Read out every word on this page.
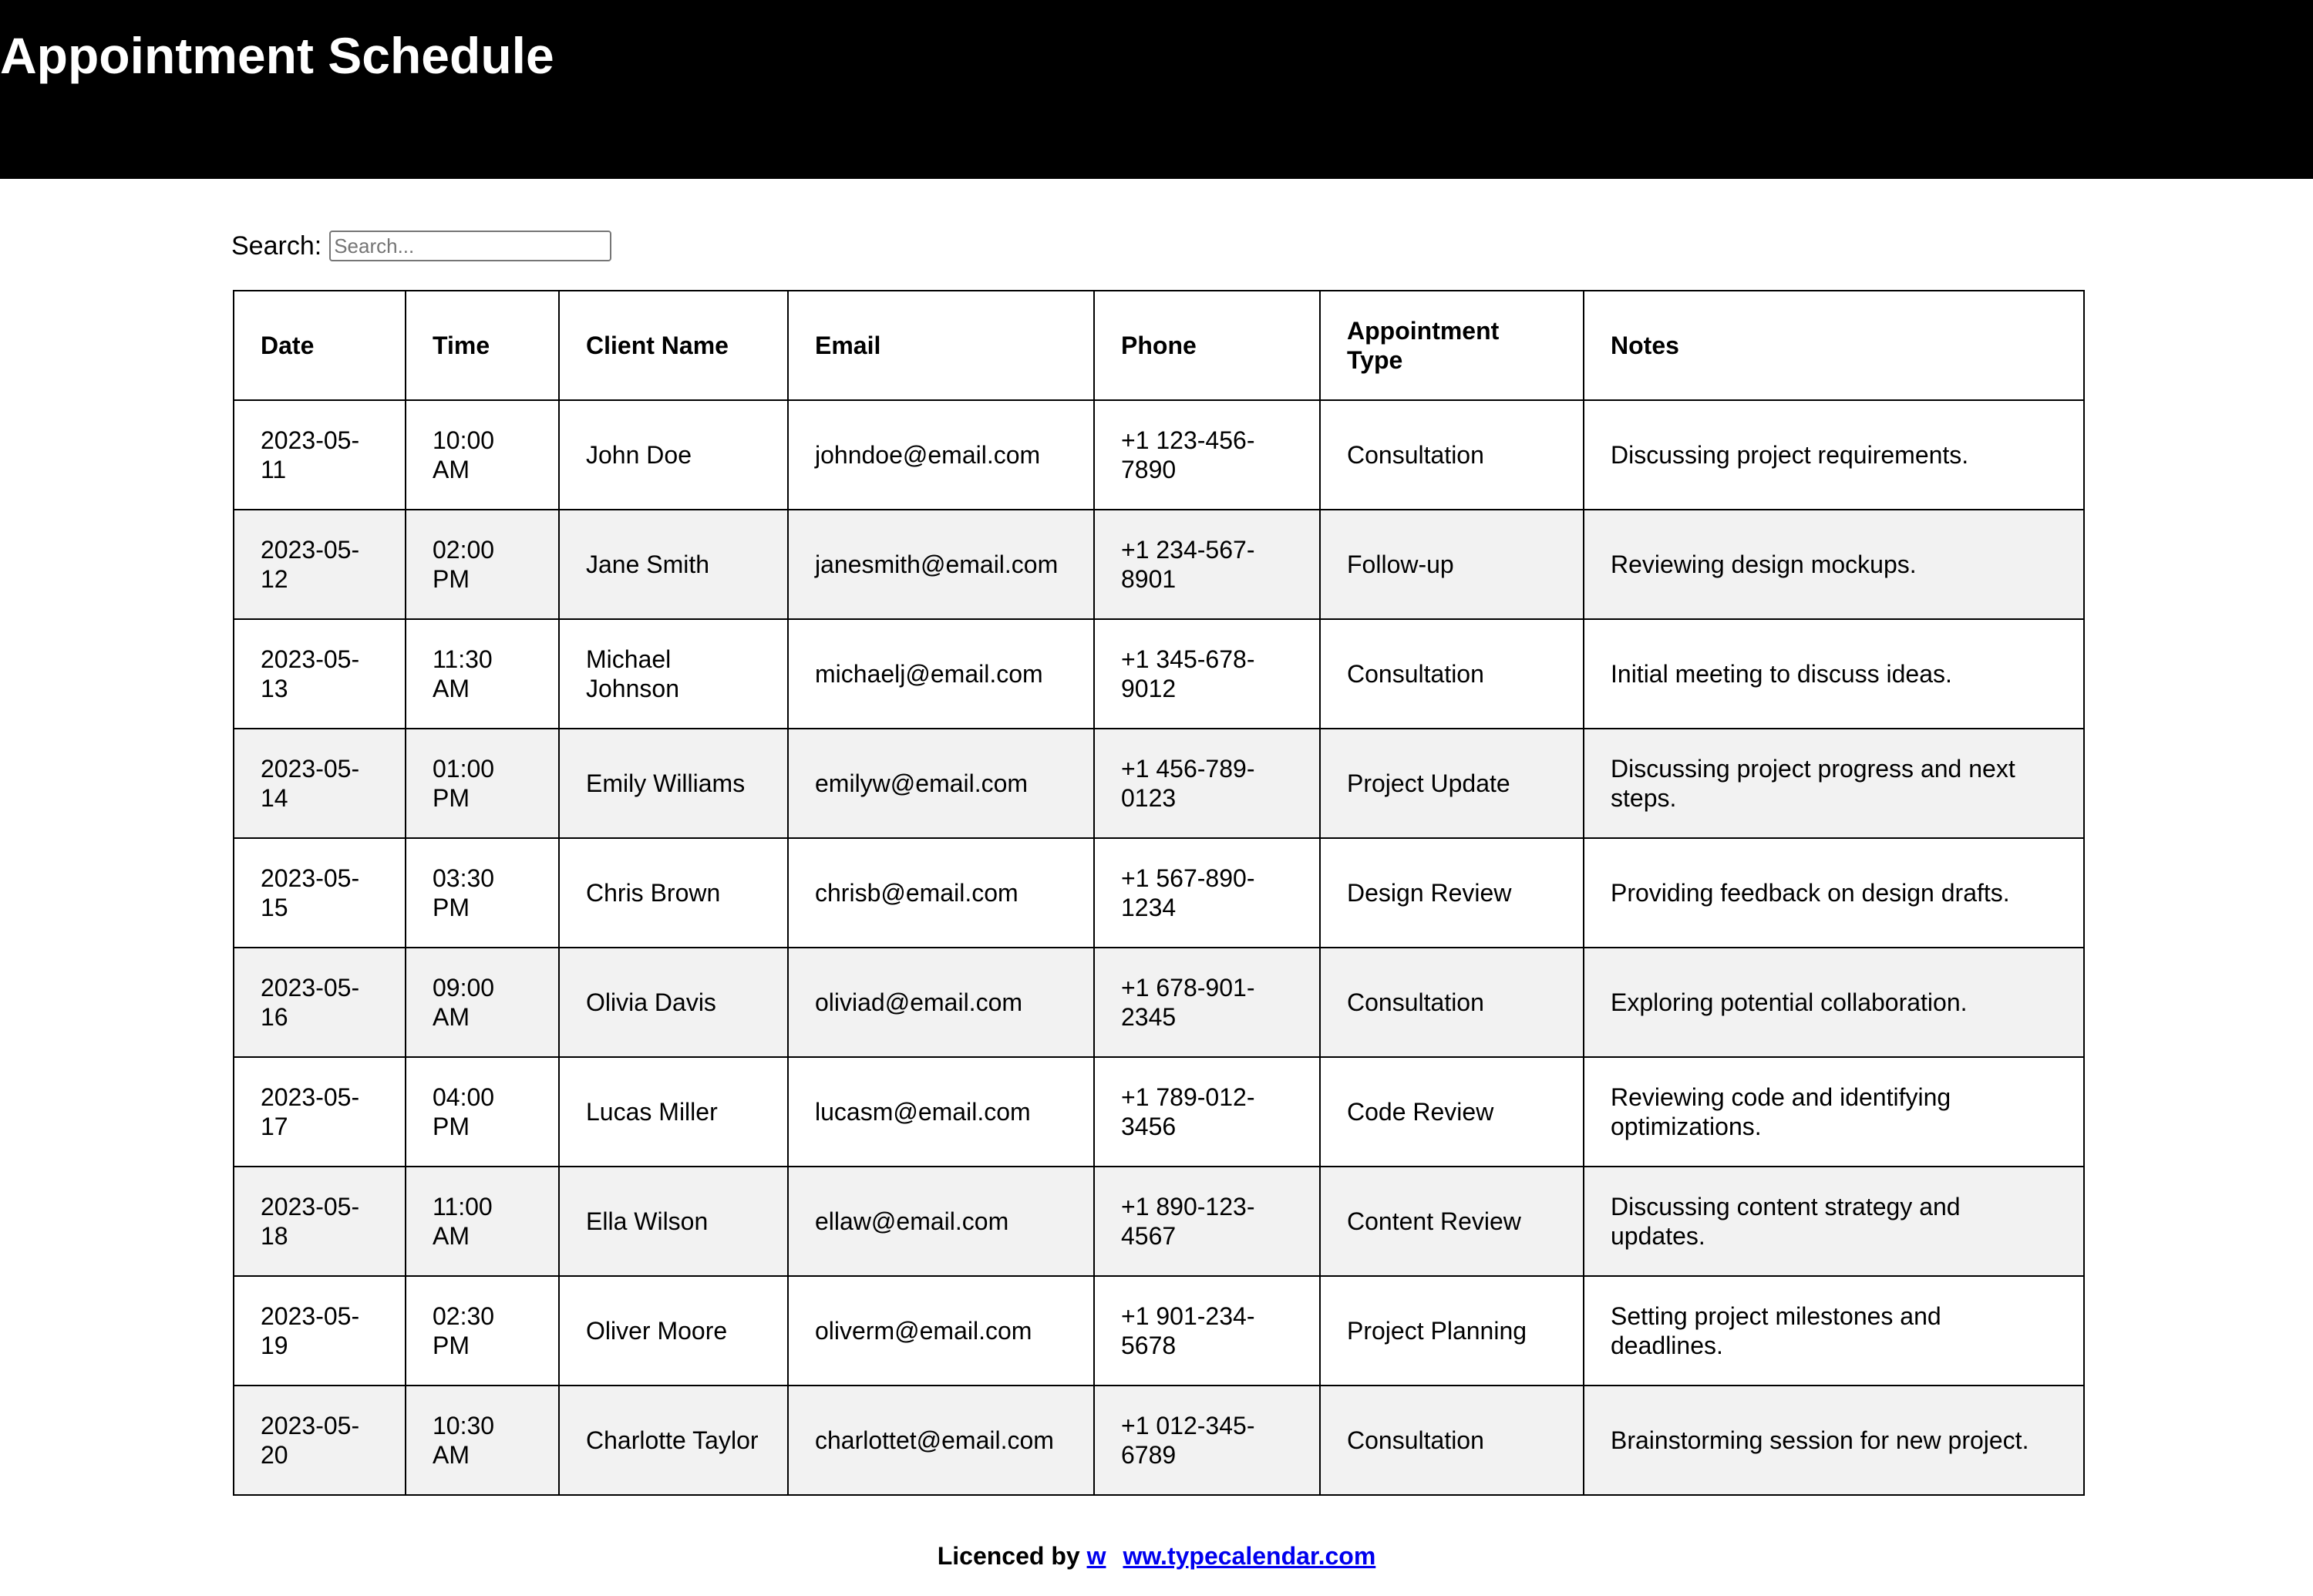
Appointment Schedule
Search:
Search...
Date	Time	Client Name	Email	Phone	Appointment Type	Notes
2023-05-11	10:00 AM	John Doe	johndoe@email.com	+1 123-456-7890	Consultation	Discussing project requirements.
2023-05-12	02:00 PM	Jane Smith	janesmith@email.com	+1 234-567-8901	Follow-up	Reviewing design mockups.
2023-05-13	11:30 AM	Michael Johnson	michaelj@email.com	+1 345-678-9012	Consultation	Initial meeting to discuss ideas.
2023-05-14	01:00 PM	Emily Williams	emilyw@email.com	+1 456-789-0123	Project Update	Discussing project progress and next steps.
2023-05-15	03:30 PM	Chris Brown	chrisb@email.com	+1 567-890-1234	Design Review	Providing feedback on design drafts.
2023-05-16	09:00 AM	Olivia Davis	oliviad@email.com	+1 678-901-2345	Consultation	Exploring potential collaboration.
2023-05-17	04:00 PM	Lucas Miller	lucasm@email.com	+1 789-012-3456	Code Review	Reviewing code and identifying optimizations.
2023-05-18	11:00 AM	Ella Wilson	ellaw@email.com	+1 890-123-4567	Content Review	Discussing content strategy and updates.
2023-05-19	02:30 PM	Oliver Moore	oliverm@email.com	+1 901-234-5678	Project Planning	Setting project milestones and deadlines.
2023-05-20	10:30 AM	Charlotte Taylor	charlottet@email.com	+1 012-345-6789	Consultation	Brainstorming session for new project.
Licenced by w ww.typecalendar.com
